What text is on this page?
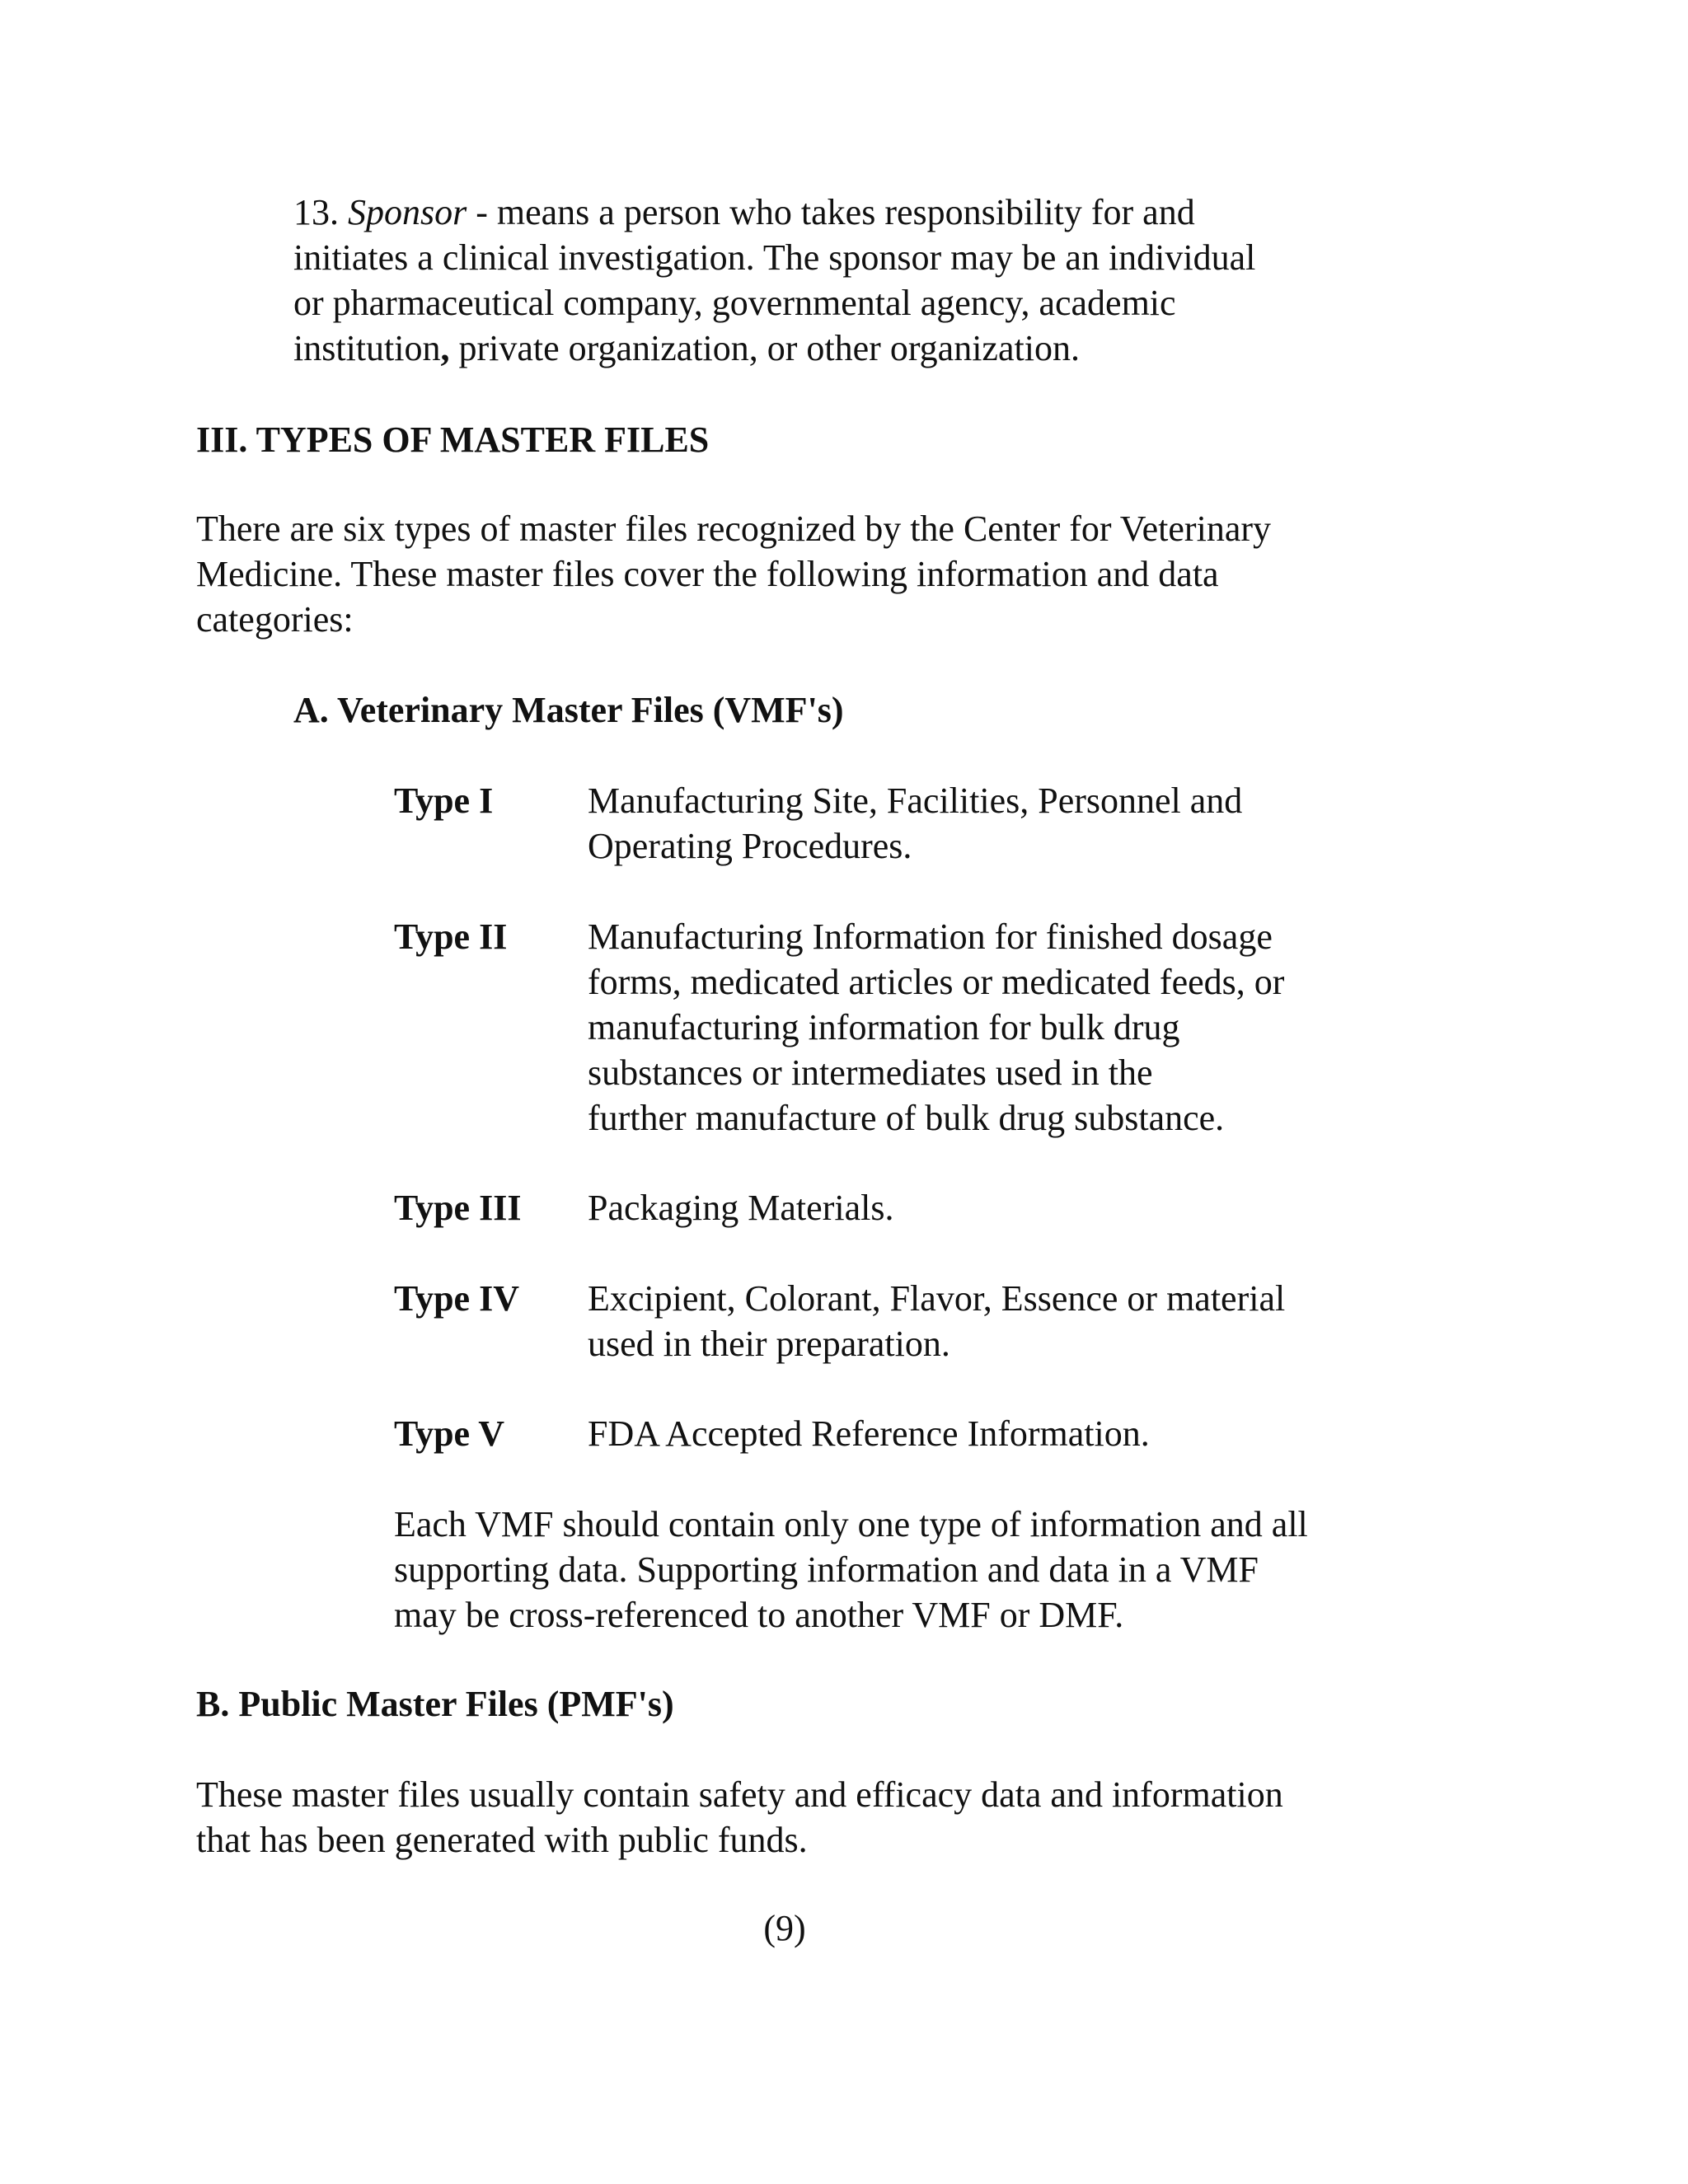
13. Sponsor - means a person who takes responsibility for and
initiates a clinical investigation. The sponsor may be an individual
or pharmaceutical company, governmental agency, academic
institution, private organization, or other organization.
III. TYPES OF MASTER FILES
There are six types of master files recognized by the Center for Veterinary
Medicine. These master files cover the following information and data
categories:
A. Veterinary Master Files (VMF's)
Type I	Manufacturing Site, Facilities, Personnel and
Operating Procedures.
Type II Manufacturing Information for finished dosage
forms, medicated articles or medicated feeds, or
manufacturing information for bulk drug
substances or intermediates used in the
further manufacture of bulk drug substance.
Type III Packaging Materials.
Type IV Excipient, Colorant, Flavor, Essence or material
used in their preparation.
Type V FDA Accepted Reference Information.
Each VMF should contain only one type of information and all
supporting data. Supporting information and data in a VMF
may be cross-referenced to another VMF or DMF.
B. Public Master Files (PMF's)
These master files usually contain safety and efficacy data and information
that has been generated with public funds.
(9)
